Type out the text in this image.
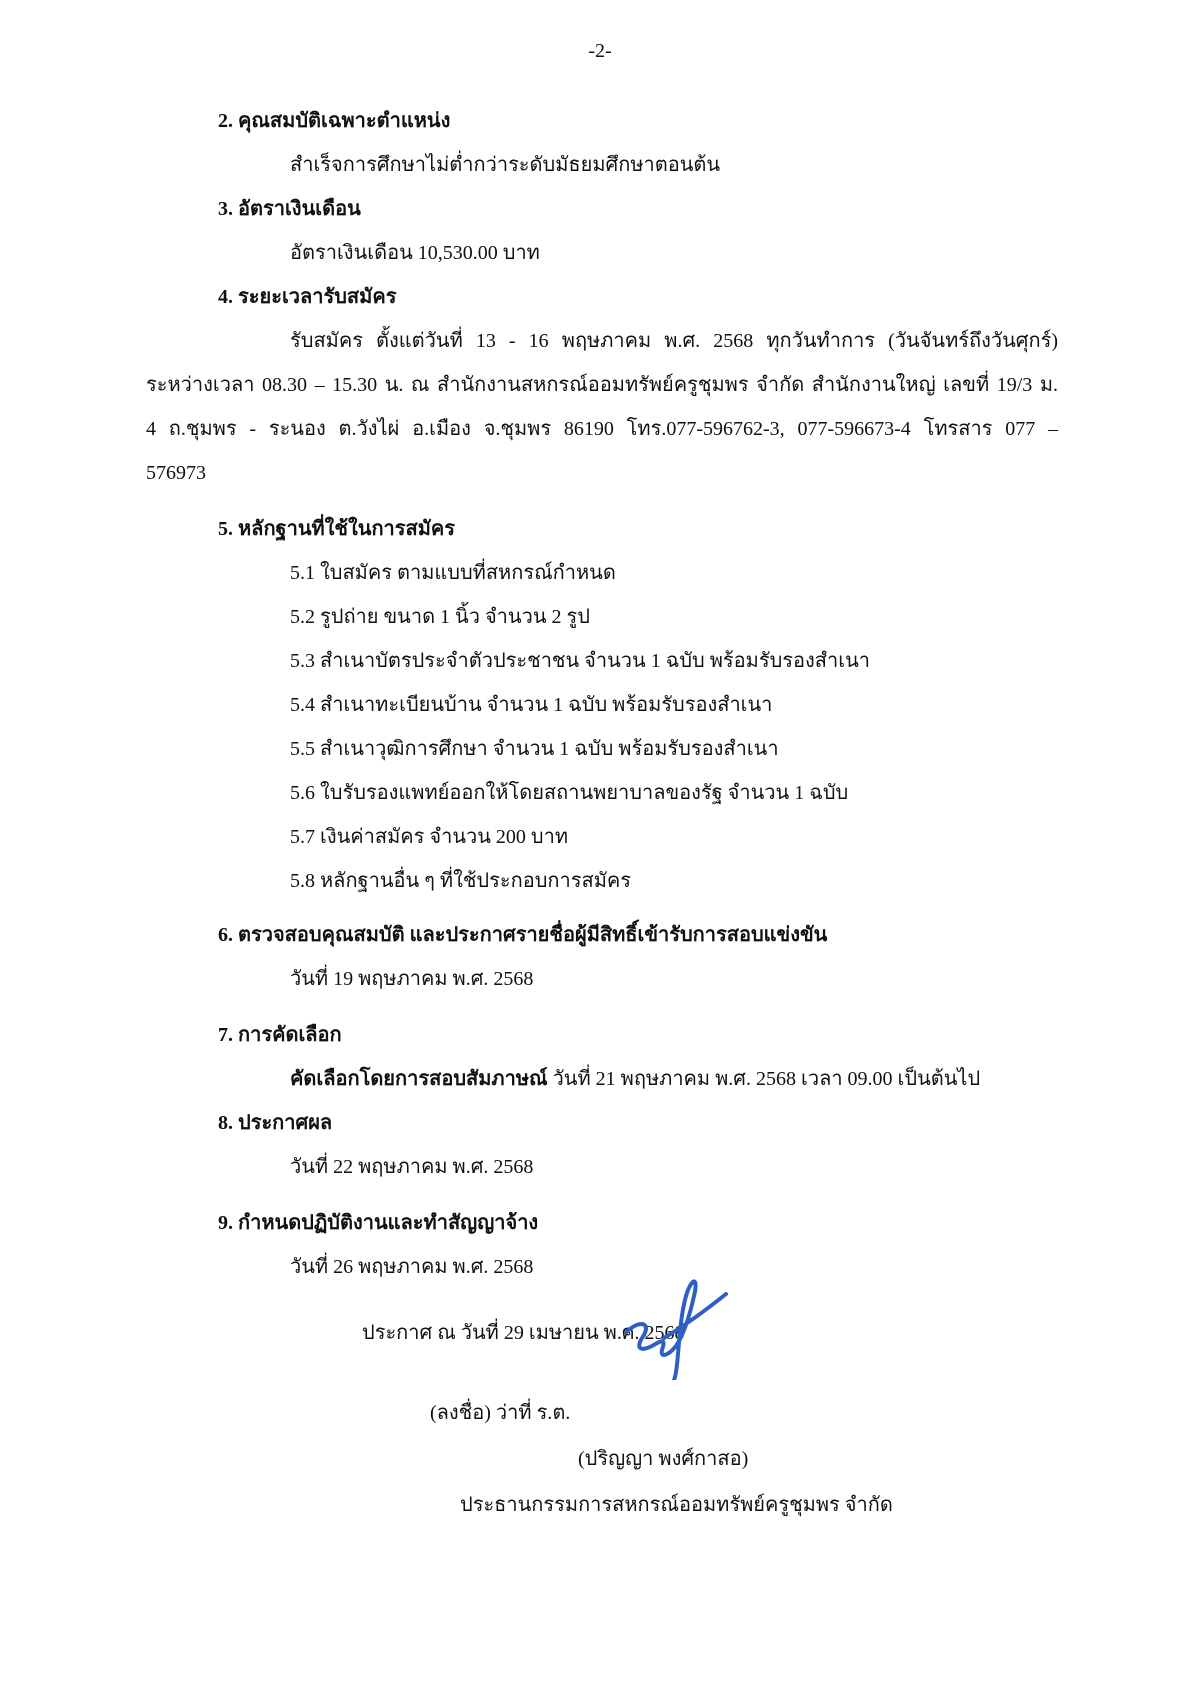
-2-
2. คุณสมบัติเฉพาะตำแหน่ง
สำเร็จการศึกษาไม่ต่ำกว่าระดับมัธยมศึกษาตอนต้น
3. อัตราเงินเดือน
อัตราเงินเดือน 10,530.00 บาท
4. ระยะเวลารับสมัคร
รับสมัคร ตั้งแต่วันที่ 13 - 16 พฤษภาคม พ.ศ. 2568 ทุกวันทำการ (วันจันทร์ถึงวันศุกร์)
ระหว่างเวลา 08.30 – 15.30 น. ณ สำนักงานสหกรณ์ออมทรัพย์ครูชุมพร จำกัด สำนักงานใหญ่ เลขที่ 19/3 ม.
4 ถ.ชุมพร - ระนอง ต.วังไผ่ อ.เมือง จ.ชุมพร 86190 โทร.077-596762-3, 077-596673-4 โทรสาร 077 –
576973
5. หลักฐานที่ใช้ในการสมัคร
5.1 ใบสมัคร ตามแบบที่สหกรณ์กำหนด
5.2 รูปถ่าย ขนาด 1 นิ้ว จำนวน 2 รูป
5.3 สำเนาบัตรประจำตัวประชาชน จำนวน 1 ฉบับ พร้อมรับรองสำเนา
5.4 สำเนาทะเบียนบ้าน จำนวน 1 ฉบับ พร้อมรับรองสำเนา
5.5 สำเนาวุฒิการศึกษา จำนวน 1 ฉบับ พร้อมรับรองสำเนา
5.6 ใบรับรองแพทย์ออกให้โดยสถานพยาบาลของรัฐ จำนวน 1 ฉบับ
5.7 เงินค่าสมัคร จำนวน 200 บาท
5.8 หลักฐานอื่น ๆ ที่ใช้ประกอบการสมัคร
6. ตรวจสอบคุณสมบัติ และประกาศรายชื่อผู้มีสิทธิ์เข้ารับการสอบแข่งขัน
วันที่ 19 พฤษภาคม พ.ศ. 2568
7. การคัดเลือก
คัดเลือกโดยการสอบสัมภาษณ์ วันที่ 21 พฤษภาคม พ.ศ. 2568 เวลา 09.00 เป็นต้นไป
8. ประกาศผล
วันที่ 22 พฤษภาคม พ.ศ. 2568
9. กำหนดปฏิบัติงานและทำสัญญาจ้าง
วันที่ 26 พฤษภาคม พ.ศ. 2568
ประกาศ ณ วันที่ 29 เมษายน พ.ศ. 2568
(ลงชื่อ) ว่าที่ ร.ต.
(ปริญญา พงศ์กาสอ)
ประธานกรรมการสหกรณ์ออมทรัพย์ครูชุมพร จำกัด
